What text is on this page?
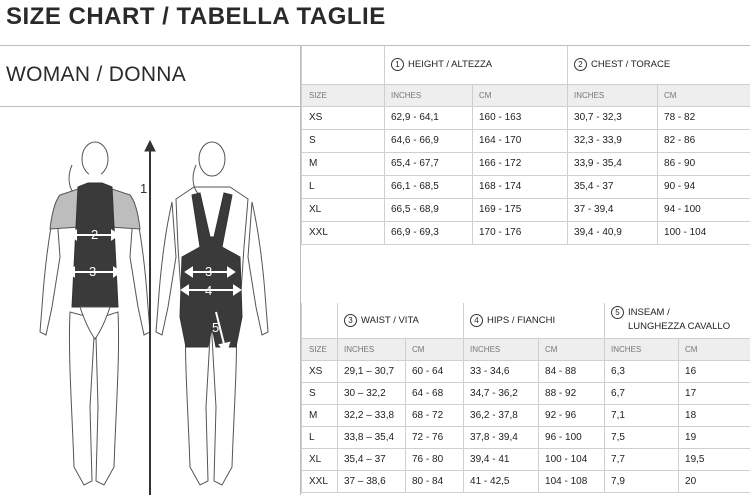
SIZE CHART / TABELLA TAGLIE
WOMAN / DONNA
2
3
1
3
4
5

	1 HEIGHT / ALTEZZA		2 CHEST / TORACE	

SIZE	INCHES	CM	INCHES	CM
XS	62,9 - 64,1	160 - 163	30,7 - 32,3	78 - 82
S	64,6 - 66,9	164 - 170	32,3 - 33,9	82 - 86
M	65,4 - 67,7	166 - 172	33,9 - 35,4	86 - 90
L	66,1 - 68,5	168 - 174	35,4 - 37	90 - 94
XL	66,5 - 68,9	169 - 175	37 - 39,4	94 - 100
XXL	66,9 - 69,3	170 - 176	39,4 - 40,9	100 - 104

	3 WAIST / VITA		4 HIPS / FIANCHI		5 INSEAM /
LUNGHEZZA CAVALLO	

SIZE	INCHES	CM	INCHES	CM	INCHES	CM
XS	29,1 – 30,7	60 - 64	33 - 34,6	84 - 88	6,3	16
S	30 – 32,2	64 - 68	34,7 - 36,2	88 - 92	6,7	17
M	32,2 – 33,8	68 - 72	36,2 - 37,8	92 - 96	7,1	18
L	33,8 – 35,4	72 - 76	37,8 - 39,4	96 - 100	7,5	19
XL	35,4 – 37	76 - 80	39,4 - 41	100 - 104	7,7	19,5
XXL	37 – 38,6	80 - 84	41 - 42,5	104 - 108	7,9	20
